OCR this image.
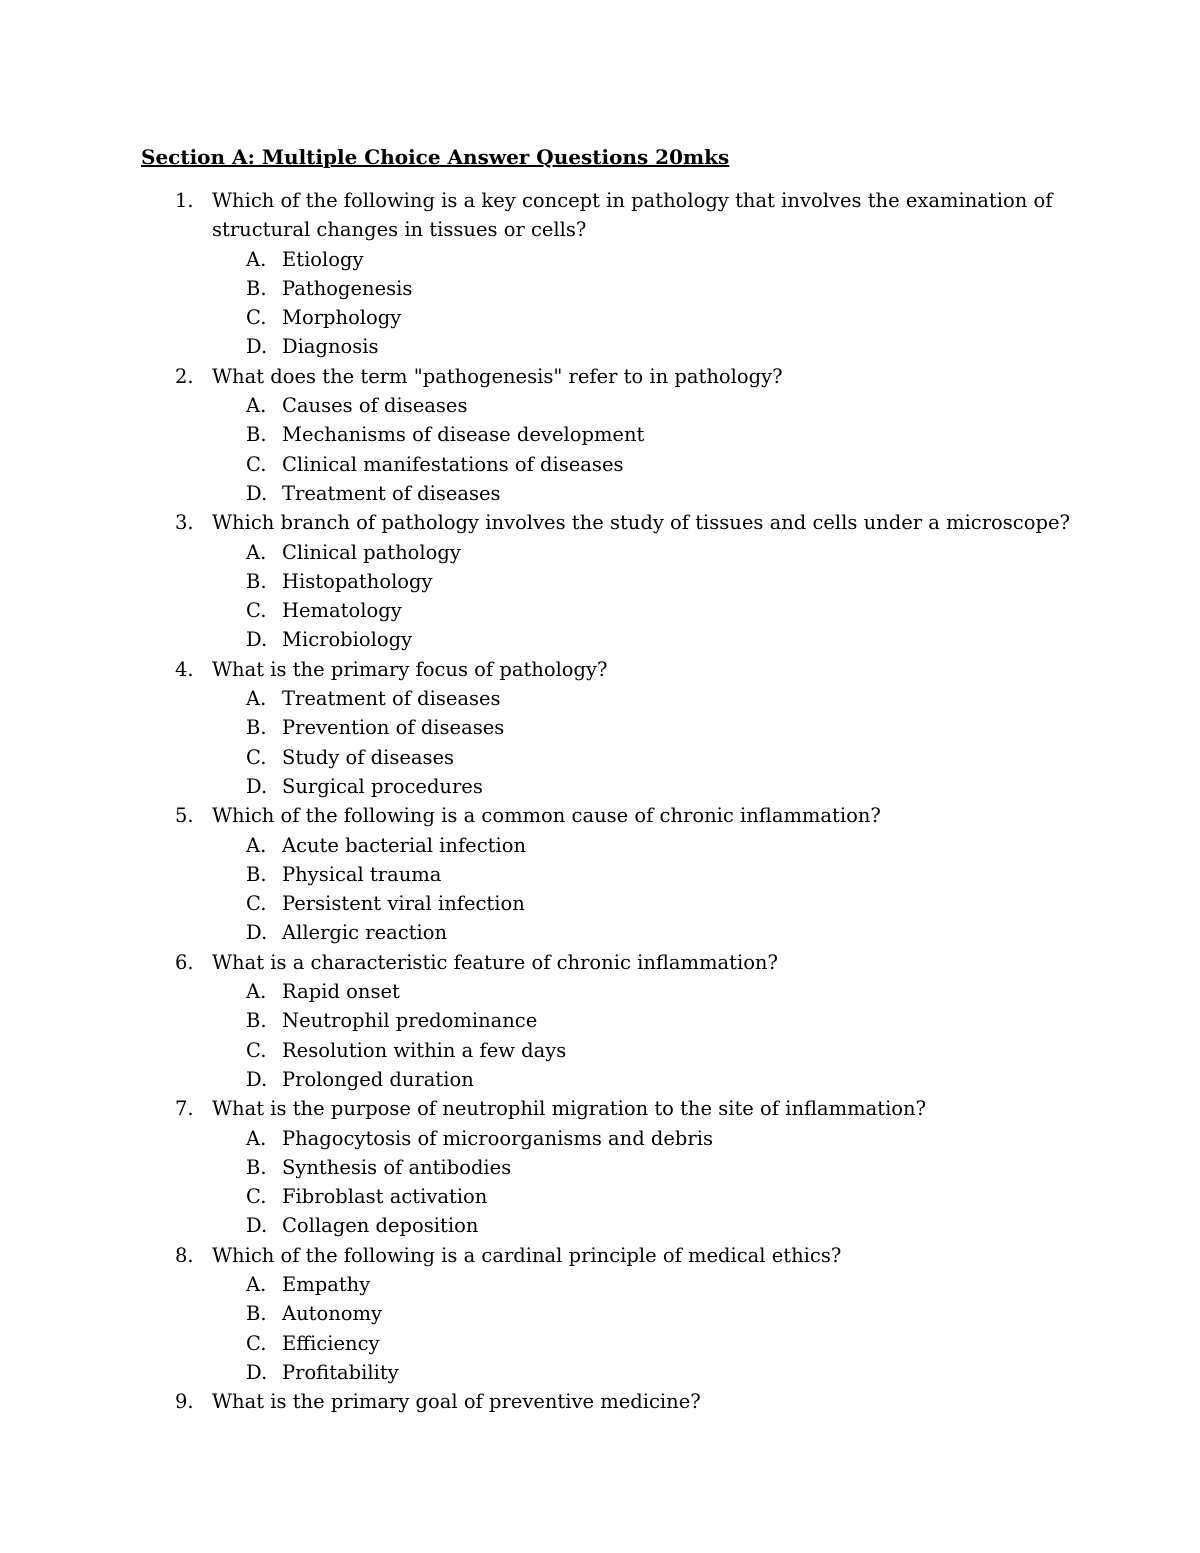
Section A: Multiple Choice Answer Questions 20mks
1. Which of the following is a key concept in pathology that involves the examination of
structural changes in tissues or cells?
A. Etiology
B. Pathogenesis
C. Morphology
D. Diagnosis
2. What does the term "pathogenesis" refer to in pathology?
A. Causes of diseases
B. Mechanisms of disease development
C. Clinical manifestations of diseases
D. Treatment of diseases
3. Which branch of pathology involves the study of tissues and cells under a microscope?
A. Clinical pathology
B. Histopathology
C. Hematology
D. Microbiology
4. What is the primary focus of pathology?
A. Treatment of diseases
B. Prevention of diseases
C. Study of diseases
D. Surgical procedures
5. Which of the following is a common cause of chronic inflammation?
A. Acute bacterial infection
B. Physical trauma
C. Persistent viral infection
D. Allergic reaction
6. What is a characteristic feature of chronic inflammation?
A. Rapid onset
B. Neutrophil predominance
C. Resolution within a few days
D. Prolonged duration
7. What is the purpose of neutrophil migration to the site of inflammation?
A. Phagocytosis of microorganisms and debris
B. Synthesis of antibodies
C. Fibroblast activation
D. Collagen deposition
8. Which of the following is a cardinal principle of medical ethics?
A. Empathy
B. Autonomy
C. Efficiency
D. Profitability
9. What is the primary goal of preventive medicine?
